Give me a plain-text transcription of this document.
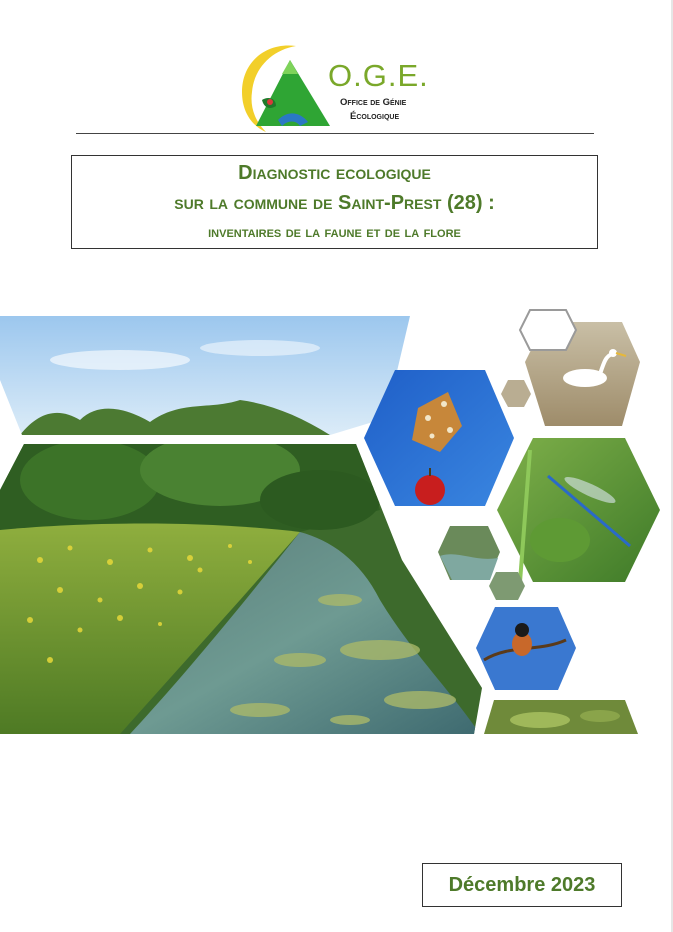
O.G.E.
Office de Génie
Écologique
Diagnostic ecologique
sur la commune de Saint-Prest (28) :
inventaires de la faune et de la flore
Décembre 2023
